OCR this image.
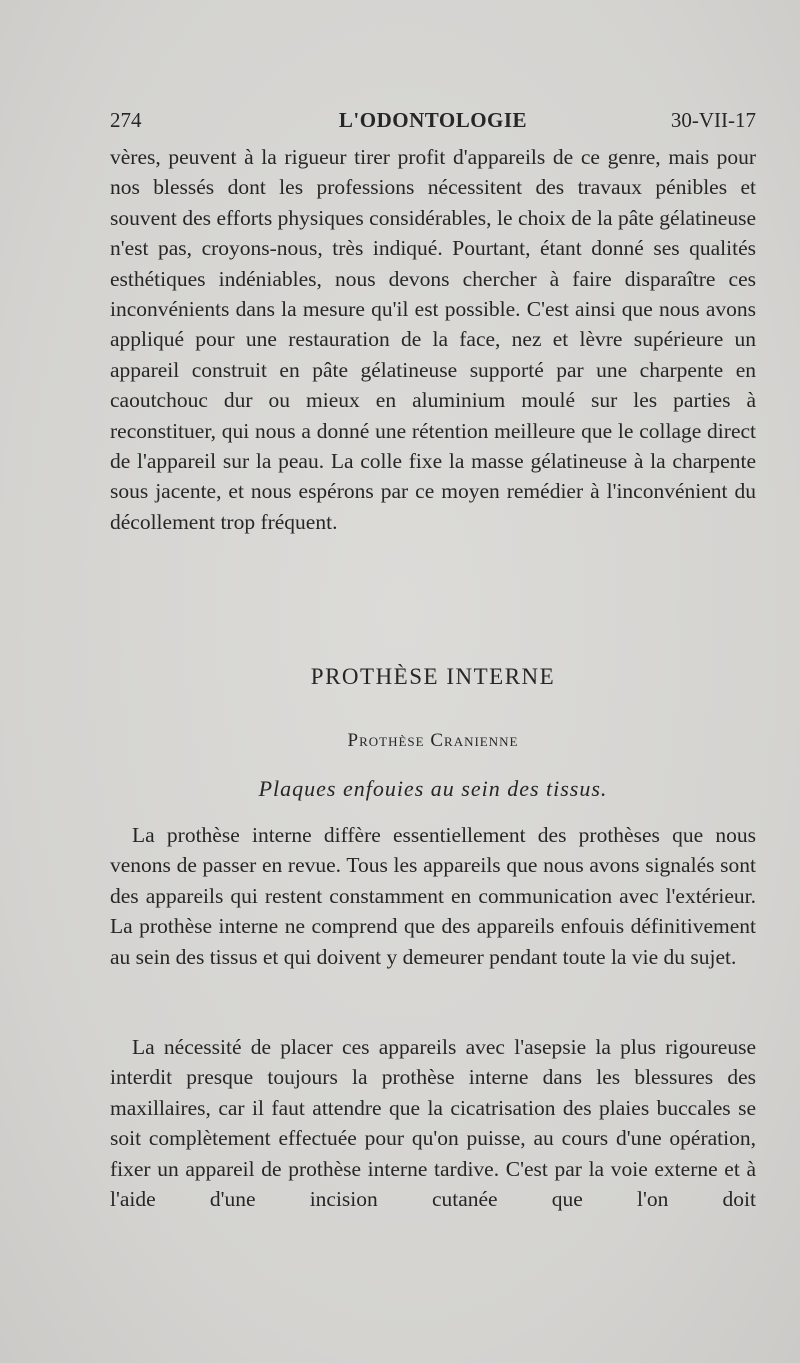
274	L'ODONTOLOGIE	30-VII-17

vères, peuvent à la rigueur tirer profit d'appareils de ce genre, mais pour nos blessés dont les professions nécessitent des travaux pénibles et souvent des efforts physiques considérables, le choix de la pâte gélatineuse n'est pas, croyons-nous, très indiqué. Pourtant, étant donné ses qualités esthétiques indéniables, nous devons chercher à faire disparaître ces inconvénients dans la mesure qu'il est possible. C'est ainsi que nous avons appliqué pour une restauration de la face, nez et lèvre supérieure un appareil construit en pâte gélatineuse supporté par une charpente en caoutchouc dur ou mieux en aluminium moulé sur les parties à reconstituer, qui nous a donné une rétention meilleure que le collage direct de l'appareil sur la peau. La colle fixe la masse gélatineuse à la charpente sous jacente, et nous espérons par ce moyen remédier à l'inconvénient du décollement trop fréquent.

PROTHÈSE INTERNE
Prothèse Cranienne
Plaques enfouies au sein des tissus.

La prothèse interne diffère essentiellement des prothèses que nous venons de passer en revue. Tous les appareils que nous avons signalés sont des appareils qui restent constamment en communication avec l'extérieur. La prothèse interne ne comprend que des appareils enfouis définitivement au sein des tissus et qui doivent y demeurer pendant toute la vie du sujet.

La nécessité de placer ces appareils avec l'asepsie la plus rigoureuse interdit presque toujours la prothèse interne dans les blessures des maxillaires, car il faut attendre que la cicatrisation des plaies buccales se soit complètement effectuée pour qu'on puisse, au cours d'une opération, fixer un appareil de prothèse interne tardive. C'est par la voie externe et à l'aide d'une incision cutanée que l'on doit
